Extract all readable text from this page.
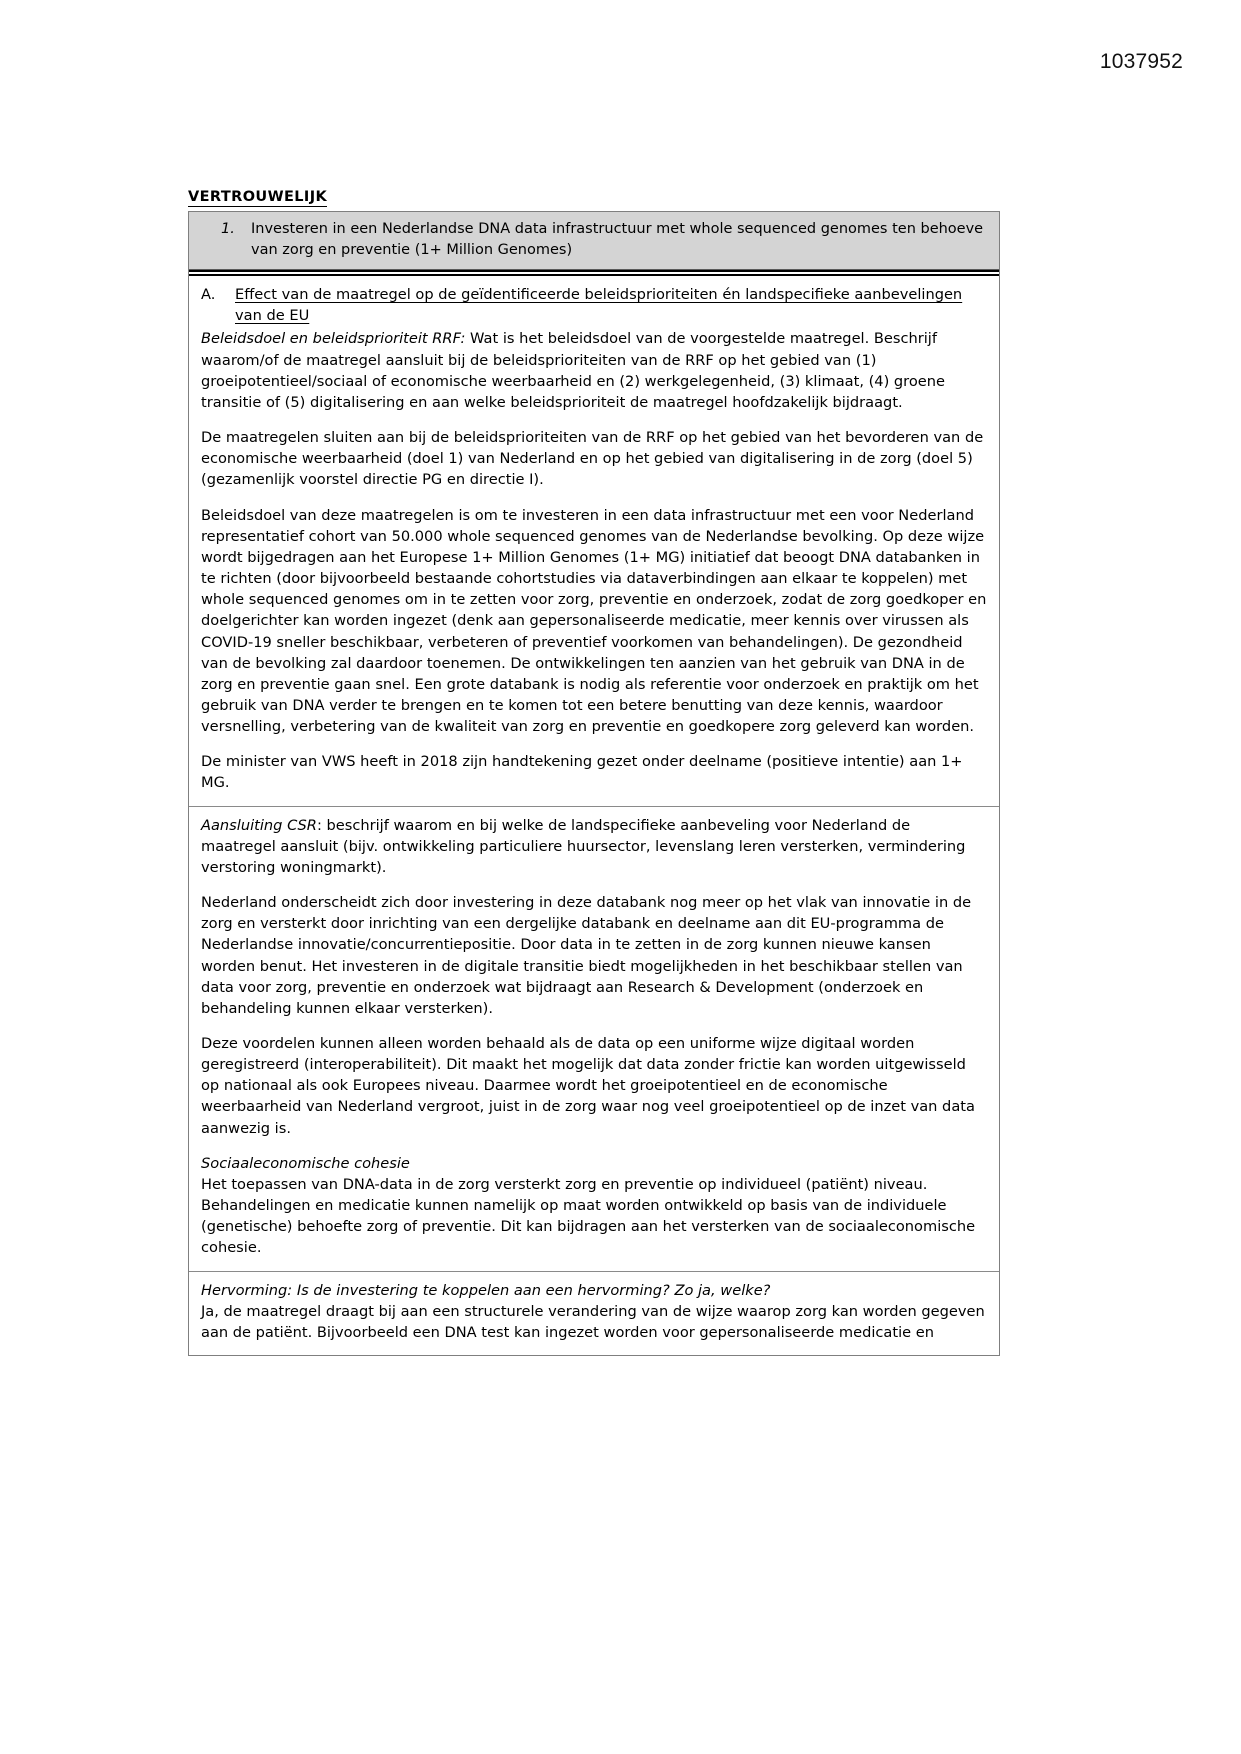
1037952
VERTROUWELIJK
1.	Investeren in een Nederlandse DNA data infrastructuur met whole sequenced genomes ten behoeve van zorg en preventie (1+ Million Genomes)
A.	Effect van de maatregel op de geïdentificeerde beleidsprioriteiten én landspecifieke aanbevelingen van de EU

Beleidsdoel en beleidsprioriteit RRF: Wat is het beleidsdoel van de voorgestelde maatregel. Beschrijf waarom/of de maatregel aansluit bij de beleidsprioriteiten van de RRF op het gebied van (1) groeipotentieel/sociaal of economische weerbaarheid en (2) werkgelegenheid, (3) klimaat, (4) groene transitie of (5) digitalisering en aan welke beleidsprioriteit de maatregel hoofdzakelijk bijdraagt.

De maatregelen sluiten aan bij de beleidsprioriteiten van de RRF op het gebied van het bevorderen van de economische weerbaarheid (doel 1) van Nederland en op het gebied van digitalisering in de zorg (doel 5) (gezamenlijk voorstel directie PG en directie I).

Beleidsdoel van deze maatregelen is om te investeren in een data infrastructuur met een voor Nederland representatief cohort van 50.000 whole sequenced genomes van de Nederlandse bevolking. Op deze wijze wordt bijgedragen aan het Europese 1+ Million Genomes (1+ MG) initiatief dat beoogt DNA databanken in te richten (door bijvoorbeeld bestaande cohortstudies via dataverbindingen aan elkaar te koppelen) met whole sequenced genomes om in te zetten voor zorg, preventie en onderzoek, zodat de zorg goedkoper en doelgerichter kan worden ingezet (denk aan gepersonaliseerde medicatie, meer kennis over virussen als COVID-19 sneller beschikbaar, verbeteren of preventief voorkomen van behandelingen). De gezondheid van de bevolking zal daardoor toenemen. De ontwikkelingen ten aanzien van het gebruik van DNA in de zorg en preventie gaan snel. Een grote databank is nodig als referentie voor onderzoek en praktijk om het gebruik van DNA verder te brengen en te komen tot een betere benutting van deze kennis, waardoor versnelling, verbetering van de kwaliteit van zorg en preventie en goedkopere zorg geleverd kan worden.

De minister van VWS heeft in 2018 zijn handtekening gezet onder deelname (positieve intentie) aan 1+ MG.

Aansluiting CSR: beschrijf waarom en bij welke de landspecifieke aanbeveling voor Nederland de maatregel aansluit (bijv. ontwikkeling particuliere huursector, levenslang leren versterken, vermindering verstoring woningmarkt).

Nederland onderscheidt zich door investering in deze databank nog meer op het vlak van innovatie in de zorg en versterkt door inrichting van een dergelijke databank en deelname aan dit EU-programma de Nederlandse innovatie/concurrentiepositie. Door data in te zetten in de zorg kunnen nieuwe kansen worden benut. Het investeren in de digitale transitie biedt mogelijkheden in het beschikbaar stellen van data voor zorg, preventie en onderzoek wat bijdraagt aan Research & Development (onderzoek en behandeling kunnen elkaar versterken).

Deze voordelen kunnen alleen worden behaald als de data op een uniforme wijze digitaal worden geregistreerd (interoperabiliteit). Dit maakt het mogelijk dat data zonder frictie kan worden uitgewisseld op nationaal als ook Europees niveau. Daarmee wordt het groeipotentieel en de economische weerbaarheid van Nederland vergroot, juist in de zorg waar nog veel groeipotentieel op de inzet van data aanwezig is.

Sociaaleconomische cohesie
Het toepassen van DNA-data in de zorg versterkt zorg en preventie op individueel (patiënt) niveau. Behandelingen en medicatie kunnen namelijk op maat worden ontwikkeld op basis van de individuele (genetische) behoefte zorg of preventie. Dit kan bijdragen aan het versterken van de sociaaleconomische cohesie.

Hervorming: Is de investering te koppelen aan een hervorming? Zo ja, welke?
Ja, de maatregel draagt bij aan een structurele verandering van de wijze waarop zorg kan worden gegeven aan de patiënt. Bijvoorbeeld een DNA test kan ingezet worden voor gepersonaliseerde medicatie en
